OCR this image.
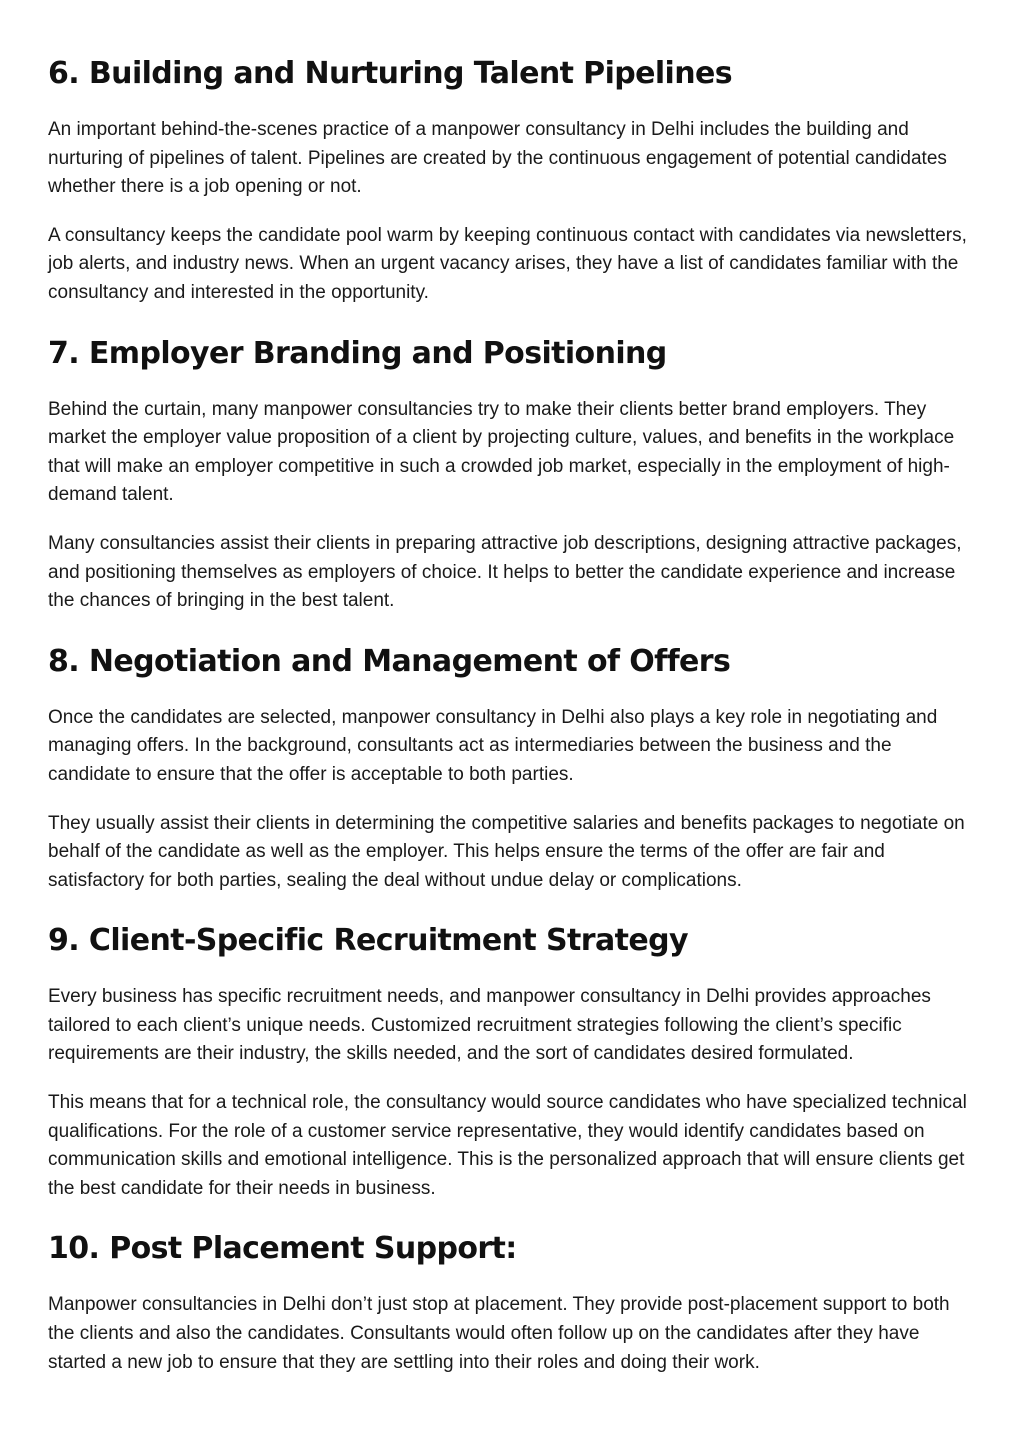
6. Building and Nurturing Talent Pipelines

An important behind-the-scenes practice of a manpower consultancy in Delhi includes the building and nurturing of pipelines of talent. Pipelines are created by the continuous engagement of potential candidates whether there is a job opening or not.

A consultancy keeps the candidate pool warm by keeping continuous contact with candidates via newsletters, job alerts, and industry news. When an urgent vacancy arises, they have a list of candidates familiar with the consultancy and interested in the opportunity.

7. Employer Branding and Positioning

Behind the curtain, many manpower consultancies try to make their clients better brand employers. They market the employer value proposition of a client by projecting culture, values, and benefits in the workplace that will make an employer competitive in such a crowded job market, especially in the employment of high-demand talent.

Many consultancies assist their clients in preparing attractive job descriptions, designing attractive packages, and positioning themselves as employers of choice. It helps to better the candidate experience and increase the chances of bringing in the best talent.

8. Negotiation and Management of Offers

Once the candidates are selected, manpower consultancy in Delhi also plays a key role in negotiating and managing offers. In the background, consultants act as intermediaries between the business and the candidate to ensure that the offer is acceptable to both parties.

They usually assist their clients in determining the competitive salaries and benefits packages to negotiate on behalf of the candidate as well as the employer. This helps ensure the terms of the offer are fair and satisfactory for both parties, sealing the deal without undue delay or complications.

9. Client-Specific Recruitment Strategy

Every business has specific recruitment needs, and manpower consultancy in Delhi provides approaches tailored to each client’s unique needs. Customized recruitment strategies following the client’s specific requirements are their industry, the skills needed, and the sort of candidates desired formulated.

This means that for a technical role, the consultancy would source candidates who have specialized technical qualifications. For the role of a customer service representative, they would identify candidates based on communication skills and emotional intelligence. This is the personalized approach that will ensure clients get the best candidate for their needs in business.

10. Post Placement Support:

Manpower consultancies in Delhi don’t just stop at placement. They provide post-placement support to both the clients and also the candidates. Consultants would often follow up on the candidates after they have started a new job to ensure that they are settling into their roles and doing their work.
